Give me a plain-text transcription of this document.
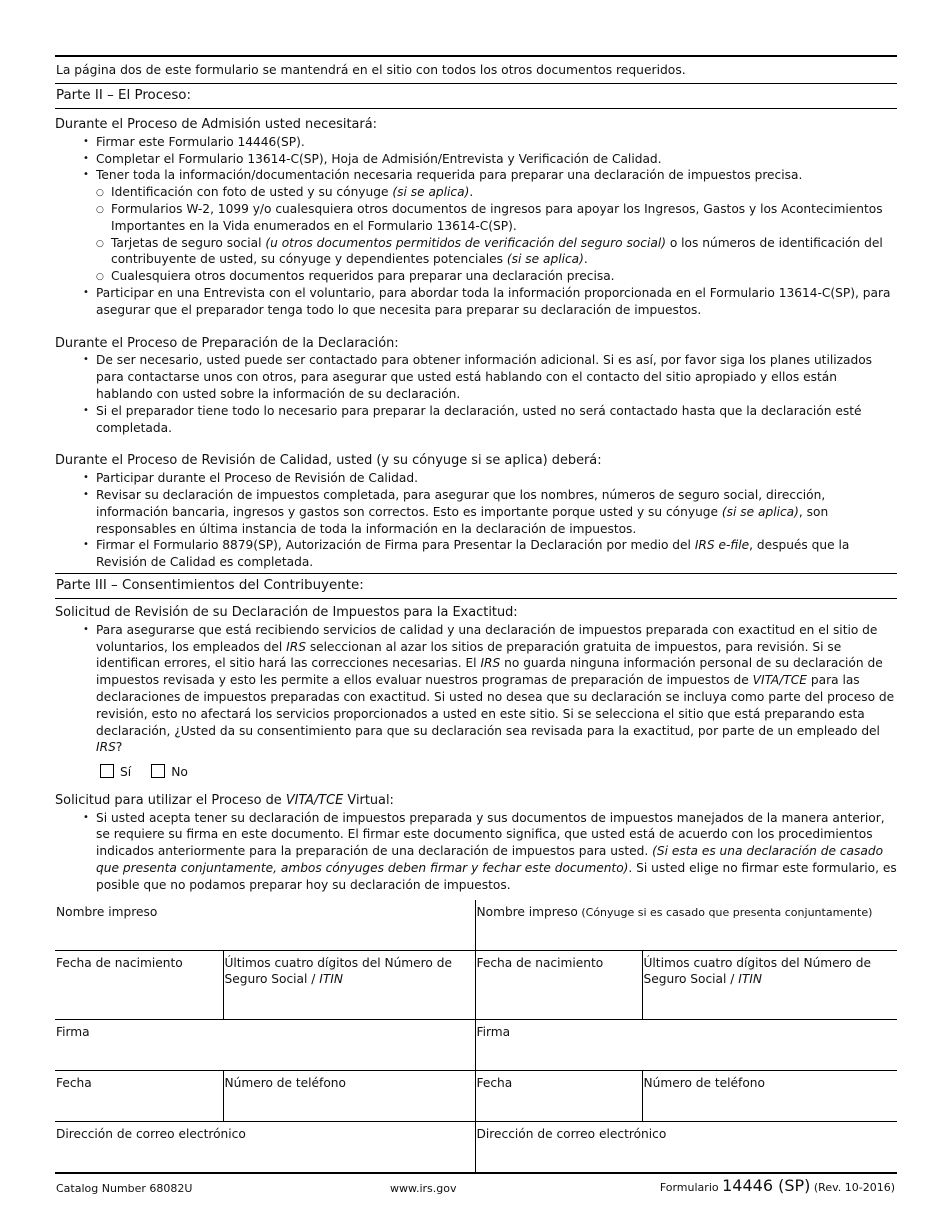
La página dos de este formulario se mantendrá en el sitio con todos los otros documentos requeridos.
Parte II – El Proceso:
Durante el Proceso de Admisión usted necesitará:
• Firmar este Formulario 14446(SP).
• Completar el Formulario 13614-C(SP), Hoja de Admisión/Entrevista y Verificación de Calidad.
• Tener toda la información/documentación necesaria requerida para preparar una declaración de impuestos precisa.
○ Identificación con foto de usted y su cónyuge (si se aplica).
○ Formularios W-2, 1099 y/o cualesquiera otros documentos de ingresos para apoyar los Ingresos, Gastos y los Acontecimientos Importantes en la Vida enumerados en el Formulario 13614-C(SP).
○ Tarjetas de seguro social (u otros documentos permitidos de verificación del seguro social) o los números de identificación del contribuyente de usted, su cónyuge y dependientes potenciales (si se aplica).
○ Cualesquiera otros documentos requeridos para preparar una declaración precisa.
• Participar en una Entrevista con el voluntario, para abordar toda la información proporcionada en el Formulario 13614-C(SP), para asegurar que el preparador tenga todo lo que necesita para preparar su declaración de impuestos.
Durante el Proceso de Preparación de la Declaración:
• De ser necesario, usted puede ser contactado para obtener información adicional. Si es así, por favor siga los planes utilizados para contactarse unos con otros, para asegurar que usted está hablando con el contacto del sitio apropiado y ellos están hablando con usted sobre la información de su declaración.
• Si el preparador tiene todo lo necesario para preparar la declaración, usted no será contactado hasta que la declaración esté completada.
Durante el Proceso de Revisión de Calidad, usted (y su cónyuge si se aplica) deberá:
• Participar durante el Proceso de Revisión de Calidad.
• Revisar su declaración de impuestos completada, para asegurar que los nombres, números de seguro social, dirección, información bancaria, ingresos y gastos son correctos. Esto es importante porque usted y su cónyuge (si se aplica), son responsables en última instancia de toda la información en la declaración de impuestos.
• Firmar el Formulario 8879(SP), Autorización de Firma para Presentar la Declaración por medio del IRS e-file, después que la Revisión de Calidad es completada.
Parte III – Consentimientos del Contribuyente:
Solicitud de Revisión de su Declaración de Impuestos para la Exactitud:
• Para asegurarse que está recibiendo servicios de calidad y una declaración de impuestos preparada con exactitud en el sitio de voluntarios, los empleados del IRS seleccionan al azar los sitios de preparación gratuita de impuestos, para revisión. Si se identifican errores, el sitio hará las correcciones necesarias. El IRS no guarda ninguna información personal de su declaración de impuestos revisada y esto les permite a ellos evaluar nuestros programas de preparación de impuestos de VITA/TCE para las declaraciones de impuestos preparadas con exactitud. Si usted no desea que su declaración se incluya como parte del proceso de revisión, esto no afectará los servicios proporcionados a usted en este sitio. Si se selecciona el sitio que está preparando esta declaración, ¿Usted da su consentimiento para que su declaración sea revisada para la exactitud, por parte de un empleado del IRS?
Sí	No
Solicitud para utilizar el Proceso de VITA/TCE Virtual:
• Si usted acepta tener su declaración de impuestos preparada y sus documentos de impuestos manejados de la manera anterior, se requiere su firma en este documento. El firmar este documento significa, que usted está de acuerdo con los procedimientos indicados anteriormente para la preparación de una declaración de impuestos para usted. (Si esta es una declaración de casado que presenta conjuntamente, ambos cónyuges deben firmar y fechar este documento). Si usted elige no firmar este formulario, es posible que no podamos preparar hoy su declaración de impuestos.
Nombre impreso		Nombre impreso (Cónyuge si es casado que presenta conjuntamente)	
Fecha de nacimiento	Últimos cuatro dígitos del Número de Seguro Social / ITIN	Fecha de nacimiento	Últimos cuatro dígitos del Número de Seguro Social / ITIN
Firma		Firma	
Fecha	Número de teléfono	Fecha	Número de teléfono
Dirección de correo electrónico		Dirección de correo electrónico	
Catalog Number 68082U	www.irs.gov	Formulario 14446 (SP) (Rev. 10-2016)
